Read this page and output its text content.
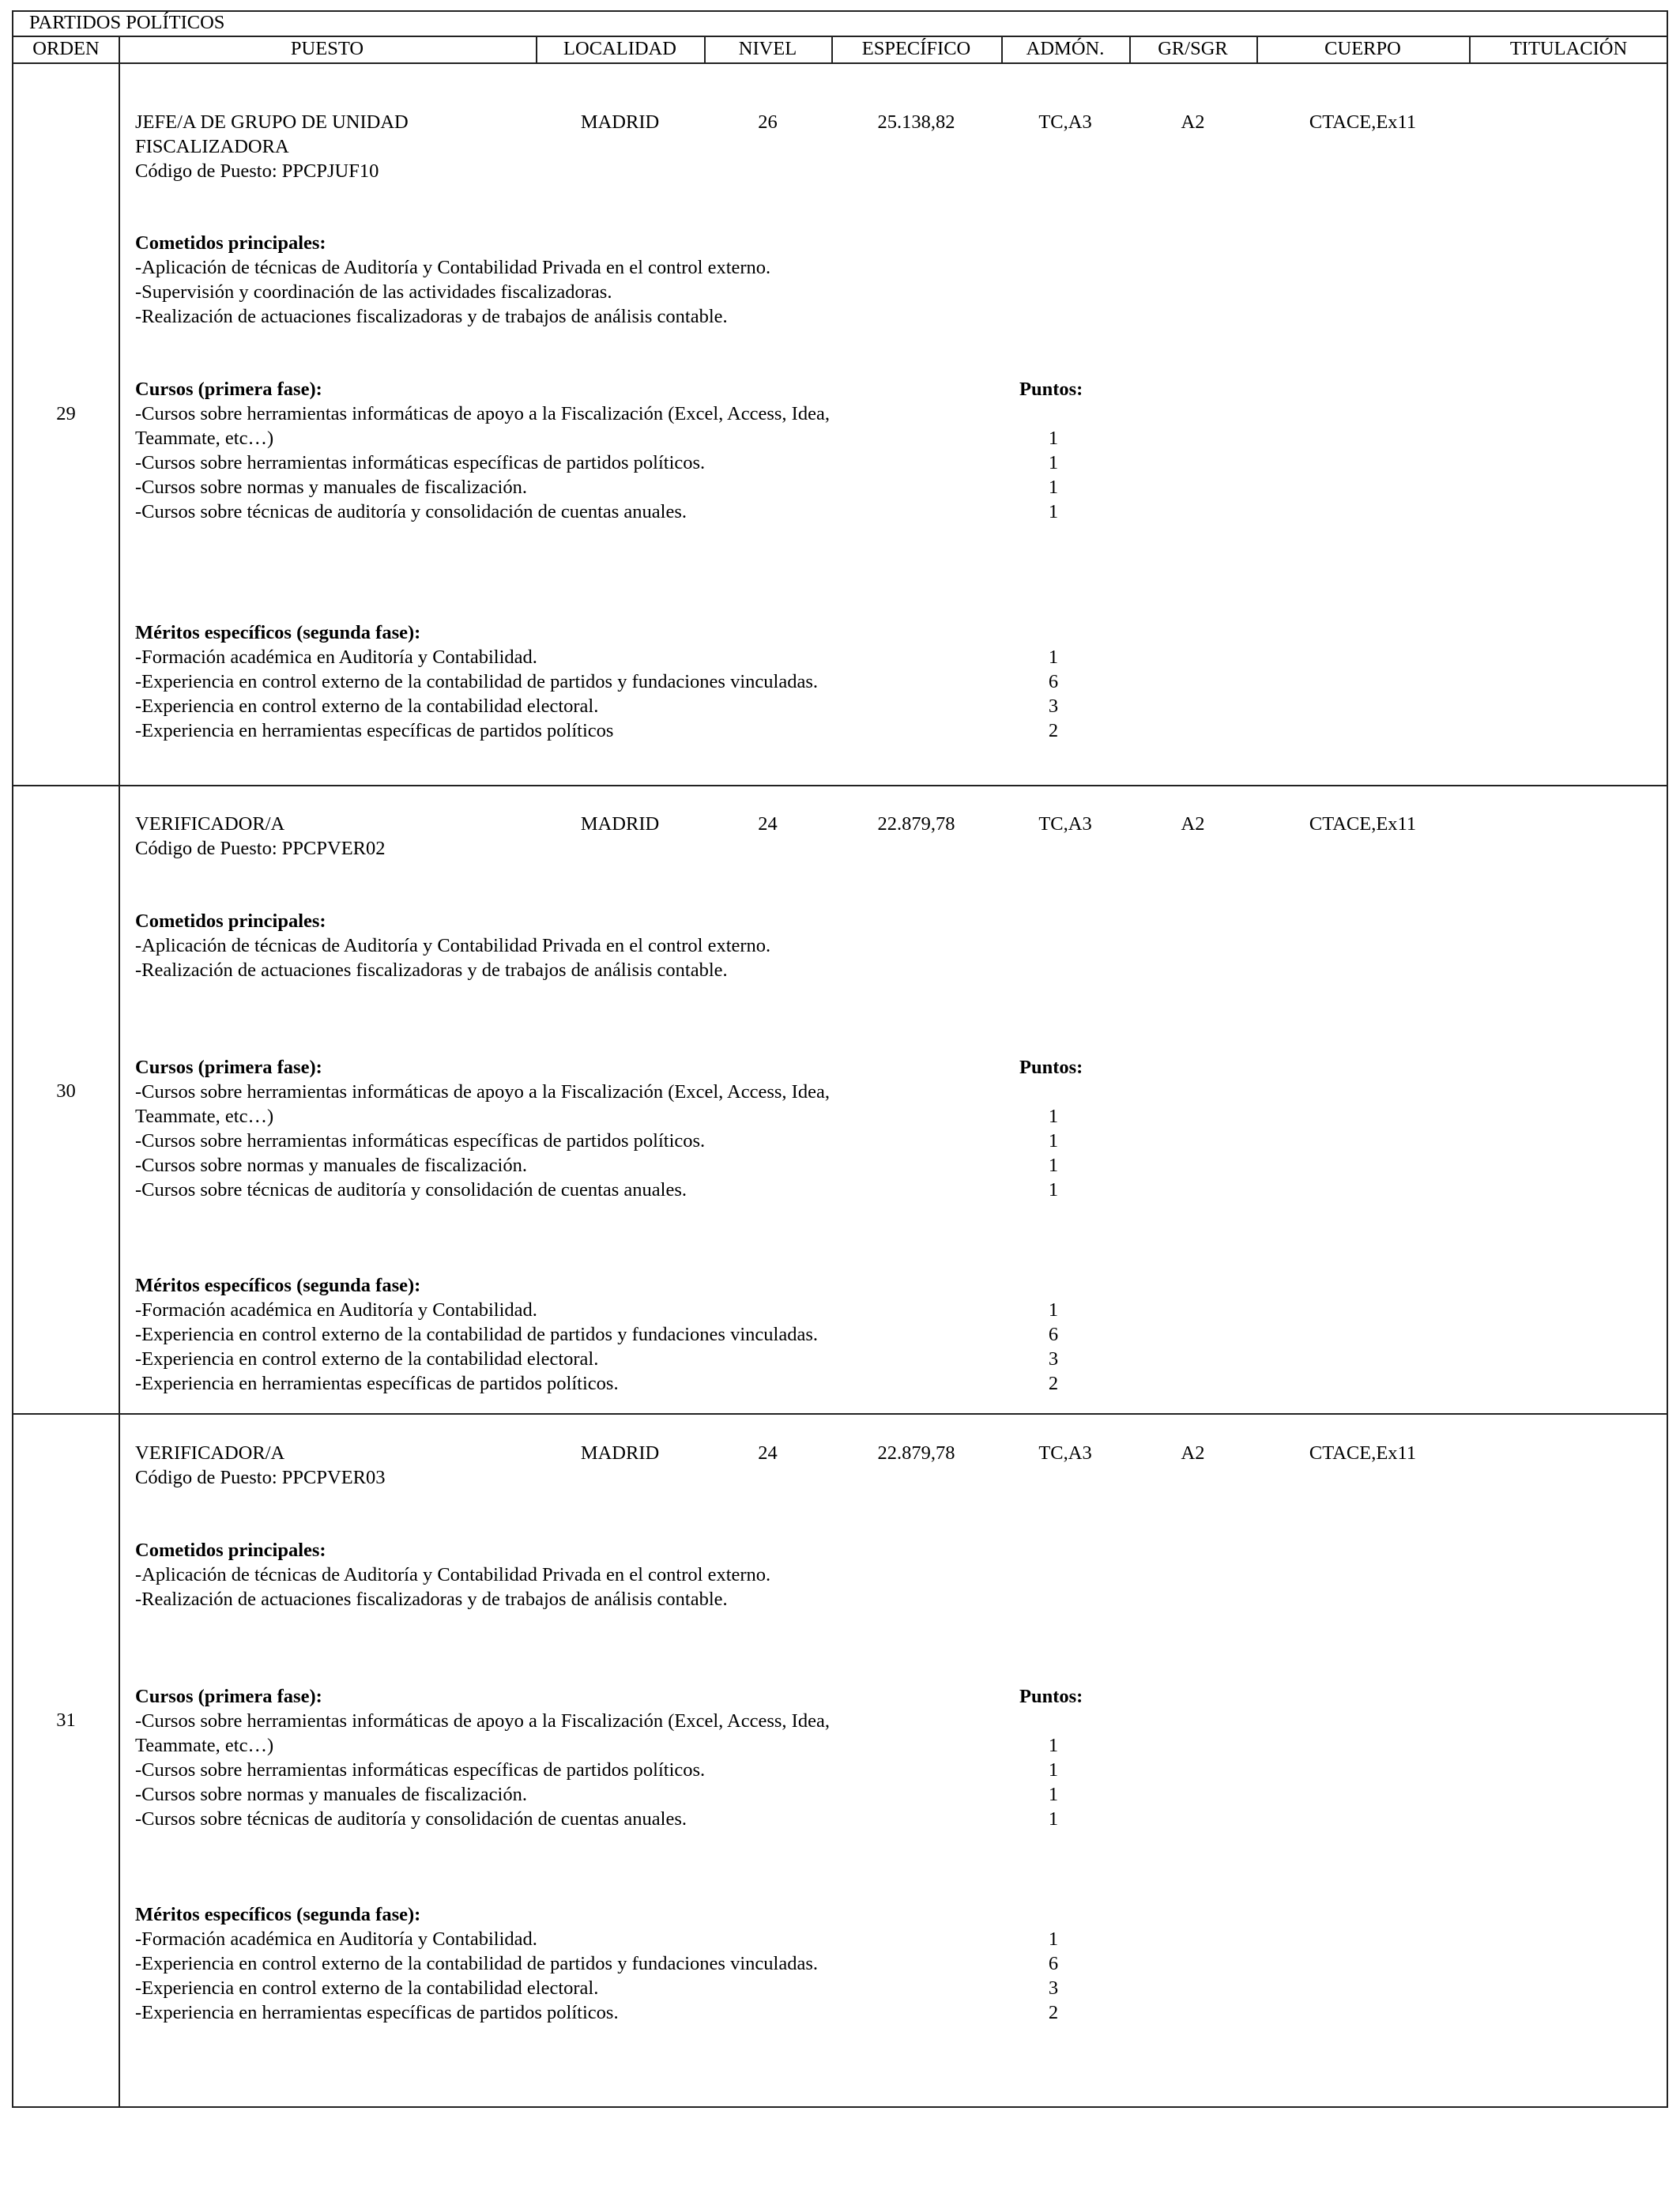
PARTIDOS POLÍTICOS
ORDEN	PUESTO	LOCALIDAD	NIVEL	ESPECÍFICO	ADMÓN.	GR/SGR	CUERPO	TITULACIÓN
29
JEFE/A DE GRUPO DE UNIDAD
FISCALIZADORA
Código de Puesto: PPCPJUF10
MADRID	26	25.138,82	TC,A3	A2	CTACE,Ex11
Cometidos principales:
-Aplicación de técnicas de Auditoría y Contabilidad Privada en el control externo.
-Supervisión y coordinación de las actividades fiscalizadoras.
-Realización de actuaciones fiscalizadoras y de trabajos de análisis contable.
Cursos (primera fase):	Puntos:
-Cursos sobre herramientas informáticas de apoyo a la Fiscalización (Excel, Access, Idea,
Teammate, etc…)	1
-Cursos sobre herramientas informáticas específicas de partidos políticos.	1
-Cursos sobre normas y manuales de fiscalización.	1
-Cursos sobre técnicas de auditoría y consolidación de cuentas anuales.	1
Méritos específicos (segunda fase):
-Formación académica en Auditoría y Contabilidad.	1
-Experiencia en control externo de la contabilidad de partidos y fundaciones vinculadas.	6
-Experiencia en control externo de la contabilidad electoral.	3
-Experiencia en herramientas específicas de partidos políticos	2
30
VERIFICADOR/A
Código de Puesto: PPCPVER02
MADRID	24	22.879,78	TC,A3	A2	CTACE,Ex11
Cometidos principales:
-Aplicación de técnicas de Auditoría y Contabilidad Privada en el control externo.
-Realización de actuaciones fiscalizadoras y de trabajos de análisis contable.
Cursos (primera fase):	Puntos:
-Cursos sobre herramientas informáticas de apoyo a la Fiscalización (Excel, Access, Idea,
Teammate, etc…)	1
-Cursos sobre herramientas informáticas específicas de partidos políticos.	1
-Cursos sobre normas y manuales de fiscalización.	1
-Cursos sobre técnicas de auditoría y consolidación de cuentas anuales.	1
Méritos específicos (segunda fase):
-Formación académica en Auditoría y Contabilidad.	1
-Experiencia en control externo de la contabilidad de partidos y fundaciones vinculadas.	6
-Experiencia en control externo de la contabilidad electoral.	3
-Experiencia en herramientas específicas de partidos políticos.	2
31
VERIFICADOR/A
Código de Puesto: PPCPVER03
MADRID	24	22.879,78	TC,A3	A2	CTACE,Ex11
Cometidos principales:
-Aplicación de técnicas de Auditoría y Contabilidad Privada en el control externo.
-Realización de actuaciones fiscalizadoras y de trabajos de análisis contable.
Cursos (primera fase):	Puntos:
-Cursos sobre herramientas informáticas de apoyo a la Fiscalización (Excel, Access, Idea,
Teammate, etc…)	1
-Cursos sobre herramientas informáticas específicas de partidos políticos.	1
-Cursos sobre normas y manuales de fiscalización.	1
-Cursos sobre técnicas de auditoría y consolidación de cuentas anuales.	1
Méritos específicos (segunda fase):
-Formación académica en Auditoría y Contabilidad.	1
-Experiencia en control externo de la contabilidad de partidos y fundaciones vinculadas.	6
-Experiencia en control externo de la contabilidad electoral.	3
-Experiencia en herramientas específicas de partidos políticos.	2
